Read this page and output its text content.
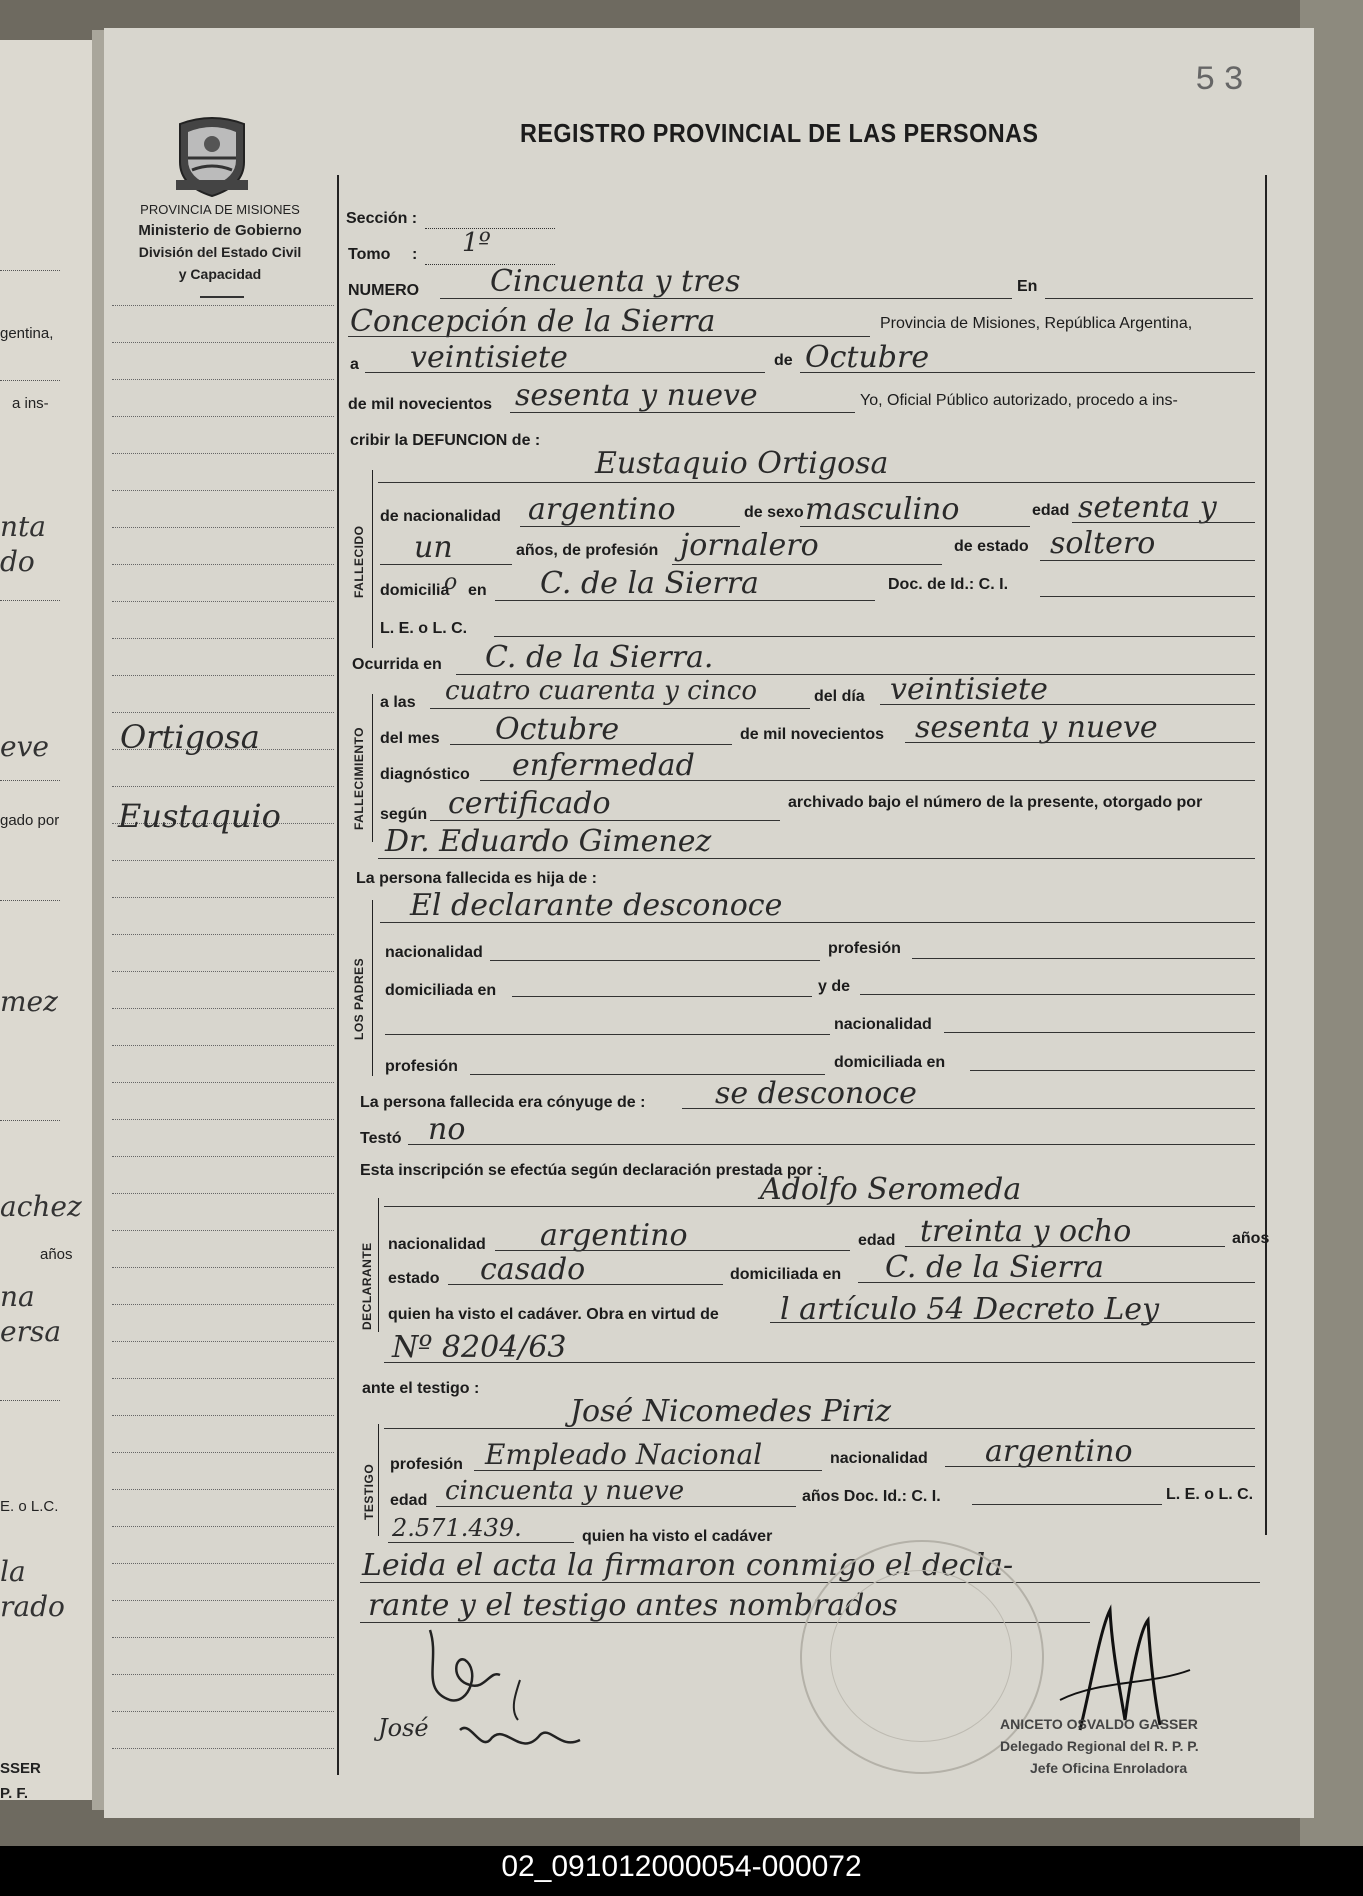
gentina,
a ins-
nta
do
eve
gado por
mez
achez
años
na
ersa
E. o L.C.
la
rado
SSER
P. F.
53
REGISTRO PROVINCIAL DE LAS PERSONAS
PROVINCIA DE MISIONES
Ministerio de Gobierno
División del Estado Civil
y Capacidad
Ortigosa
Eustaquio
Sección :
Tomo : 1º
NUMERO Cincuenta y tres	En
Concepción de la Sierra	Provincia de Misiones, República Argentina,
a veintisiete	de Octubre
de mil novecientos sesenta y nueve	Yo, Oficial Público autorizado, procedo a ins-
cribir la DEFUNCION de :
FALLECIDO
Eustaquio Ortigosa
de nacionalidad argentino	de sexo masculino	edad setenta y
un	años, de profesión jornalero	de estado soltero
domicilia
o en C. de la Sierra	Doc. de Id.: C. I.
L. E. o L. C.
Ocurrida en C. de la Sierra.
FALLECIMIENTO
a las cuatro cuarenta y cinco	del día veintisiete
del mes Octubre	de mil novecientos sesenta y nueve
diagnóstico enfermedad
según certificado	archivado bajo el número de la presente, otorgado por
Dr. Eduardo Gimenez
La persona fallecida es hija de :
LOS PADRES
El declarante desconoce
nacionalidad	profesión
domiciliada en	y de
nacionalidad
profesión	domiciliada en
La persona fallecida era cónyuge de : se desconoce
Testó no
Esta inscripción se efectúa según declaración prestada por :
DECLARANTE
Adolfo Seromeda
nacionalidad argentino	edad treinta y ocho	años
estado casado	domiciliada en C. de la Sierra
quien ha visto el cadáver. Obra en virtud de l artículo 54 Decreto Ley
Nº 8204/63
ante el testigo :
TESTIGO
José Nicomedes Piriz
profesión Empleado Nacional	nacionalidad argentino
edad cincuenta y nueve	años Doc. Id.: C. I.	L. E. o L. C.
2.571.439.	quien ha visto el cadáver
Leida el acta la firmaron conmigo el decla-
rante y el testigo antes nombrados
José	ANICETO OSVALDO GASSER
Delegado Regional del R. P. P.
Jefe Oficina Enroladora
02_091012000054-000072
